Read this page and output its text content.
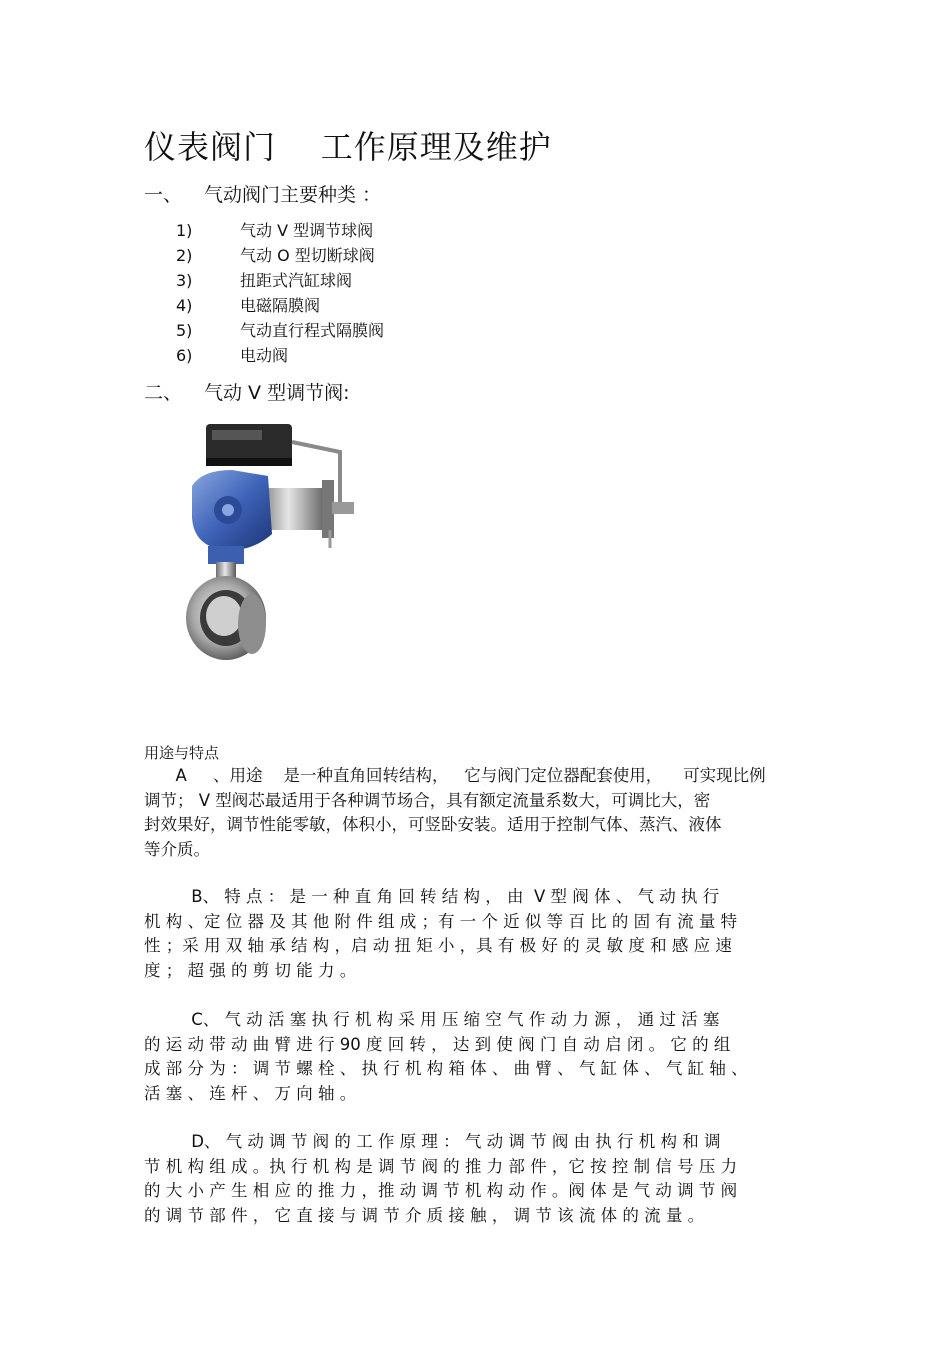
仪表阀门    工作原理及维护
一、 气动阀门主要种类 ：
1)	气动 V 型调节球阀
2)	气动 O 型切断球阀
3)	扭距式汽缸球阀
4)	电磁隔膜阀
5)	气动直行程式隔膜阀
6)	电动阀
二、 气动 V 型调节阀:
用途与特点

A     、用途    是一种直角回转结构，   它与阀门定位器配套使用，    可实现比例

调节； V 型阀芯最适用于各种调节场合，具有额定流量系数大，可调比大，密

封效果好，调节性能零敏，体积小，可竖卧安装。适用于控制气体、蒸汽、液体

等介质。

B、 特 点 ： 是 一 种 直 角 回 转 结 构 ， 由  V 型 阀 体 、 气 动 执 行

机 构 、定 位 器 及 其 他 附 件 组 成 ；有 一 个 近 似 等 百 比 的 固 有 流 量 特

性 ；采 用 双 轴 承 结 构 ，启 动 扭 矩 小 ，具 有 极 好 的 灵 敏 度 和 感 应 速

度 ； 超 强 的 剪 切 能 力 。

C、 气 动 活 塞 执 行 机 构 采 用 压 缩 空 气 作 动 力 源 ， 通 过 活 塞

的 运 动 带 动 曲 臂 进 行 90 度 回 转 ， 达 到 使 阀 门 自 动 启 闭 。 它 的 组

成 部 分 为 ： 调 节 螺 栓 、 执 行 机 构 箱 体 、 曲 臂 、 气 缸 体 、 气 缸 轴 、

活 塞 、 连 杆 、 万 向 轴 。

D、 气 动 调 节 阀 的 工 作 原 理 ： 气 动 调 节 阀 由 执 行 机 构 和 调

节 机 构 组 成 。执 行 机 构 是 调 节 阀 的 推 力 部 件 ，它 按 控 制 信 号 压 力

的 大 小 产 生 相 应 的 推 力 ，推 动 调 节 机 构 动 作 。阀 体 是 气 动 调 节 阀

的 调 节 部 件 ， 它 直 接 与 调 节 介 质 接 触 ， 调 节 该 流 体 的 流 量 。
